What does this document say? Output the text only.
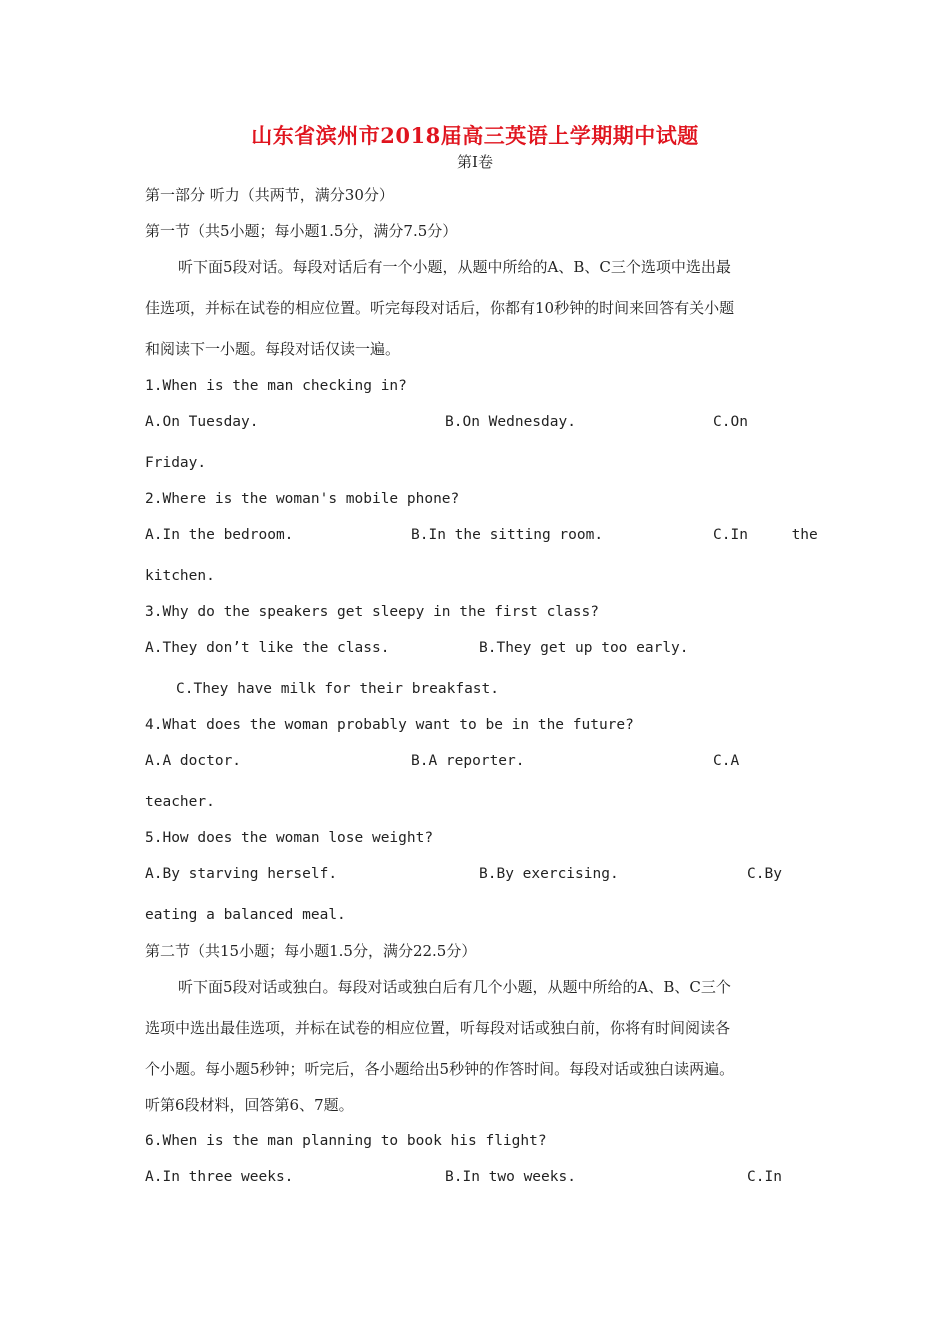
山东省滨州市2018届高三英语上学期期中试题
第I卷
第一部分 听力（共两节，满分30分）
第一节（共5小题；每小题1.5分，满分7.5分）
听下面5段对话。每段对话后有一个小题，从题中所给的A、B、C三个选项中选出最
佳选项，并标在试卷的相应位置。听完每段对话后，你都有10秒钟的时间来回答有关小题
和阅读下一小题。每段对话仅读一遍。
1.When is the man checking in?
A.On Tuesday.	B.On Wednesday.	C.On
Friday.
2.Where is the woman's mobile phone?
A.In the bedroom.	B.In the sitting room.	C.In     the
kitchen.
3.Why do the speakers get sleepy in the first class?
A.They don’t like the class.	B.They get up too early.
C.They have milk for their breakfast.
4.What does the woman probably want to be in the future?
A.A doctor.	B.A reporter.	C.A
teacher.
5.How does the woman lose weight?
A.By starving herself.	B.By exercising.	C.By
eating a balanced meal.
第二节（共15小题；每小题1.5分，满分22.5分）
听下面5段对话或独白。每段对话或独白后有几个小题，从题中所给的A、B、C三个
选项中选出最佳选项，并标在试卷的相应位置，听每段对话或独白前，你将有时间阅读各
个小题。每小题5秒钟；听完后，各小题给出5秒钟的作答时间。每段对话或独白读两遍。
听第6段材料，回答第6、7题。
6.When is the man planning to book his flight?
A.In three weeks.	B.In two weeks.	C.In
